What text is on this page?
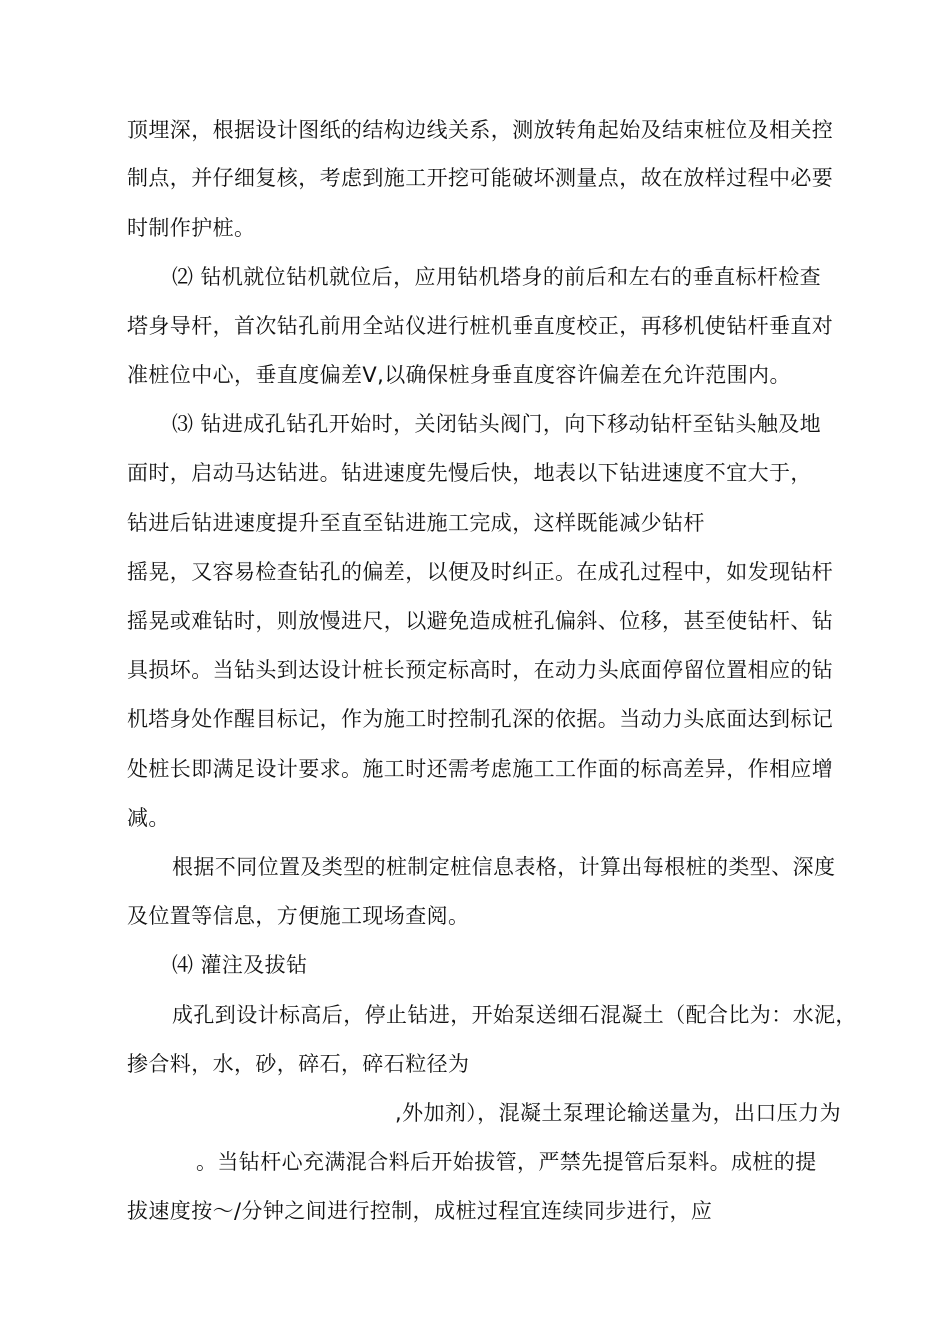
顶埋深，根据设计图纸的结构边线关系，测放转角起始及结束桩位及相关控
制点，并仔细复核，考虑到施工开挖可能破坏测量点，故在放样过程中必要
时制作护桩。
⑵ 钻机就位钻机就位后，应用钻机塔身的前后和左右的垂直标杆检查
塔身导杆，首次钻孔前用全站仪进行桩机垂直度校正，再移机使钻杆垂直对
准桩位中心，垂直度偏差V,以确保桩身垂直度容许偏差在允许范围内。
⑶ 钻进成孔钻孔开始时，关闭钻头阀门，向下移动钻杆至钻头触及地
面时，启动马达钻进。钻进速度先慢后快，地表以下钻进速度不宜大于，
钻进后钻进速度提升至直至钻进施工完成，这样既能减少钻杆
摇晃，又容易检查钻孔的偏差，以便及时纠正。在成孔过程中，如发现钻杆
摇晃或难钻时，则放慢进尺，以避免造成桩孔偏斜、位移，甚至使钻杆、钻
具损坏。当钻头到达设计桩长预定标高时，在动力头底面停留位置相应的钻
机塔身处作醒目标记，作为施工时控制孔深的依据。当动力头底面达到标记
处桩长即满足设计要求。施工时还需考虑施工工作面的标高差异，作相应增
减。
根据不同位置及类型的桩制定桩信息表格，计算出每根桩的类型、深度
及位置等信息，方便施工现场查阅。
⑷ 灌注及拔钻
成孔到设计标高后，停止钻进，开始泵送细石混凝土（配合比为：水泥，
掺合料，水，砂，碎石，碎石粒径为
,外加剂），混凝土泵理论输送量为，出口压力为
。当钻杆心充满混合料后开始拔管，严禁先提管后泵料。成桩的提
拔速度按～/分钟之间进行控制，成桩过程宜连续同步进行，应
